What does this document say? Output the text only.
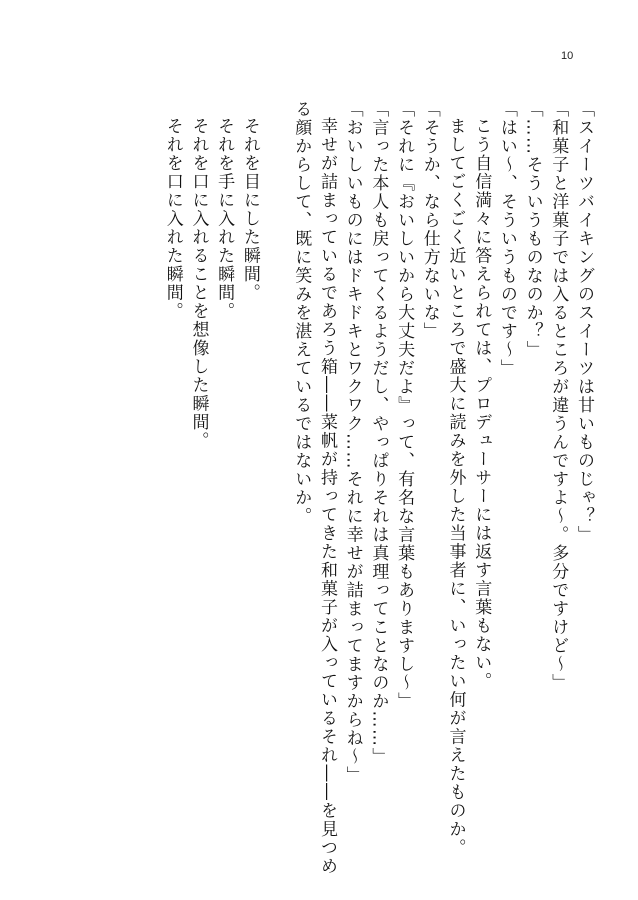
10
「スイーツバイキングのスイーツは甘いものじゃ？」
「和菓子と洋菓子では入るところが違うんですよ〜。多分ですけど〜」
「……そういうものなのか？」
「はい〜、そういうものです〜」
こう自信満々に答えられては、プロデューサーには返す言葉もない。
ましてごくごく近いところで盛大に読みを外した当事者に、いったい何が言えたものか。
「そうか、なら仕方ないな」
「それに『おいしいから大丈夫だよ』って、有名な言葉もありますし〜」
「言った本人も戻ってくるようだし、やっぱりそれは真理ってことなのか……」
「おいしいものにはドキドキとワクワク……それに幸せが詰まってますからね〜」
幸せが詰まっているであろう箱――菜帆が持ってきた和菓子が入っているそれ――を見つめ
る顔からして、既に笑みを湛えているではないか。
それを目にした瞬間。
それを手に入れた瞬間。
それを口に入れることを想像した瞬間。
それを口に入れた瞬間。
